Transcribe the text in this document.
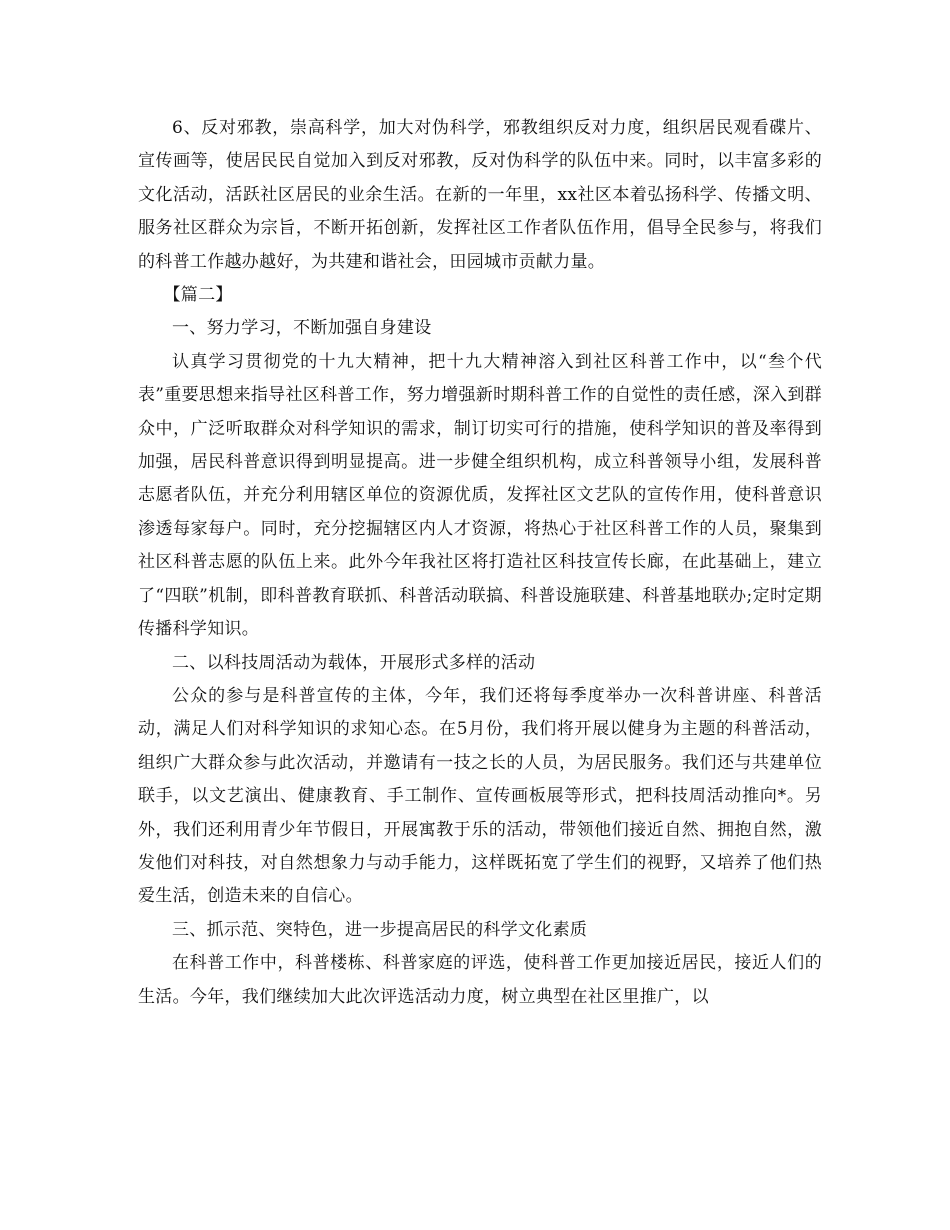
6、反对邪教，崇高科学，加大对伪科学，邪教组织反对力度，组织居民观看碟片、宣传画等，使居民民自觉加入到反对邪教，反对伪科学的队伍中来。同时，以丰富多彩的文化活动，活跃社区居民的业余生活。在新的一年里，xx社区本着弘扬科学、传播文明、服务社区群众为宗旨，不断开拓创新，发挥社区工作者队伍作用，倡导全民参与，将我们的科普工作越办越好，为共建和谐社会，田园城市贡献力量。

【篇二】

一、努力学习，不断加强自身建设

认真学习贯彻党的十九大精神，把十九大精神溶入到社区科普工作中，以“叁个代表”重要思想来指导社区科普工作，努力增强新时期科普工作的自觉性的责任感，深入到群众中，广泛听取群众对科学知识的需求，制订切实可行的措施，使科学知识的普及率得到加强，居民科普意识得到明显提高。进一步健全组织机构，成立科普领导小组，发展科普志愿者队伍，并充分利用辖区单位的资源优质，发挥社区文艺队的宣传作用，使科普意识渗透每家每户。同时，充分挖掘辖区内人才资源，将热心于社区科普工作的人员，聚集到社区科普志愿的队伍上来。此外今年我社区将打造社区科技宣传长廊，在此基础上，建立了“四联”机制，即科普教育联抓、科普活动联搞、科普设施联建、科普基地联办;定时定期传播科学知识。

二、以科技周活动为载体，开展形式多样的活动

公众的参与是科普宣传的主体，今年，我们还将每季度举办一次科普讲座、科普活动，满足人们对科学知识的求知心态。在5月份，我们将开展以健身为主题的科普活动，组织广大群众参与此次活动，并邀请有一技之长的人员，为居民服务。我们还与共建单位联手，以文艺演出、健康教育、手工制作、宣传画板展等形式，把科技周活动推向*。另外，我们还利用青少年节假日，开展寓教于乐的活动，带领他们接近自然、拥抱自然，激发他们对科技，对自然想象力与动手能力，这样既拓宽了学生们的视野，又培养了他们热爱生活，创造未来的自信心。

三、抓示范、突特色，进一步提高居民的科学文化素质

在科普工作中，科普楼栋、科普家庭的评选，使科普工作更加接近居民，接近人们的生活。今年，我们继续加大此次评选活动力度，树立典型在社区里推广，以
